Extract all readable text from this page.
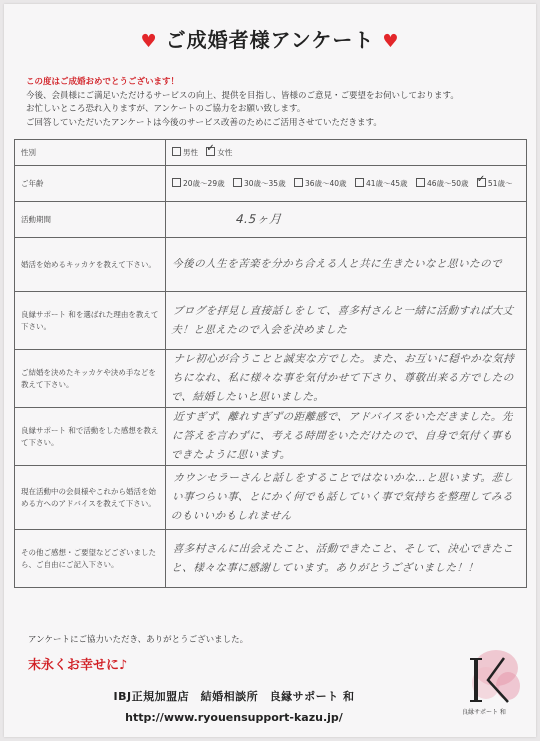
♥ ご成婚者様アンケート ♥
この度はご成婚おめでとうございます！
今後、会員様にご満足いただけるサービスの向上、提供を目指し、皆様のご意見・ご要望をお伺いしております。
お忙しいところ恐れ入りますが、アンケートのご協力をお願い致します。
ご回答していただいたアンケートは今後のサービス改善のためにご活用させていただきます。
性別	男性 ✓ 女性
ご年齢	20歳～29歳 30歳～35歳 36歳～40歳 41歳～45歳 46歳～50歳 ✓ 51歳～
活動期間	4.5ヶ月

婚活を始めるキッカケを教えて下さい。	今後の人生を苦楽を分かち合える人と共に生きたいなと思いたので

良縁サポート 和を選ばれた理由を教えて下さい。	ブログを拝見し直接話しをして、喜多村さんと一緒に活動すれば大丈夫！と思えたので入会を決めました

ご結婚を決めたキッカケや決め手などを教えて下さい。	ナレ初心が合うことと誠実な方でした。また、お互いに穏やかな気持ちになれ、私に様々な事を気付かせて下さり、尊敬出来る方でしたので、結婚したいと思いました。

良縁サポート 和で活動をした感想を教えて下さい。	近すぎず、離れすぎずの距離感で、アドバイスをいただきました。先に答えを言わずに、考える時間をいただけたので、自身で気付く事もできたように思います。

現在活動中の会員様やこれから婚活を始める方へのアドバイスを教えて下さい。	カウンセラーさんと話しをすることではないかな…と思います。悲しい事つらい事、とにかく何でも話していく事で気持ちを整理してみるのもいいかもしれません

その他ご感想・ご要望などございましたら、ご自由にご記入下さい。	喜多村さんに出会えたこと、活動できたこと、そして、決心できたこと、様々な事に感謝しています。ありがとうございました！！
アンケートにご協力いただき、ありがとうございました。
末永くお幸せに♪
IBJ正規加盟店　結婚相談所　良縁サポート 和
http://www.ryouensupport-kazu.jp/	良縁サポート 和
